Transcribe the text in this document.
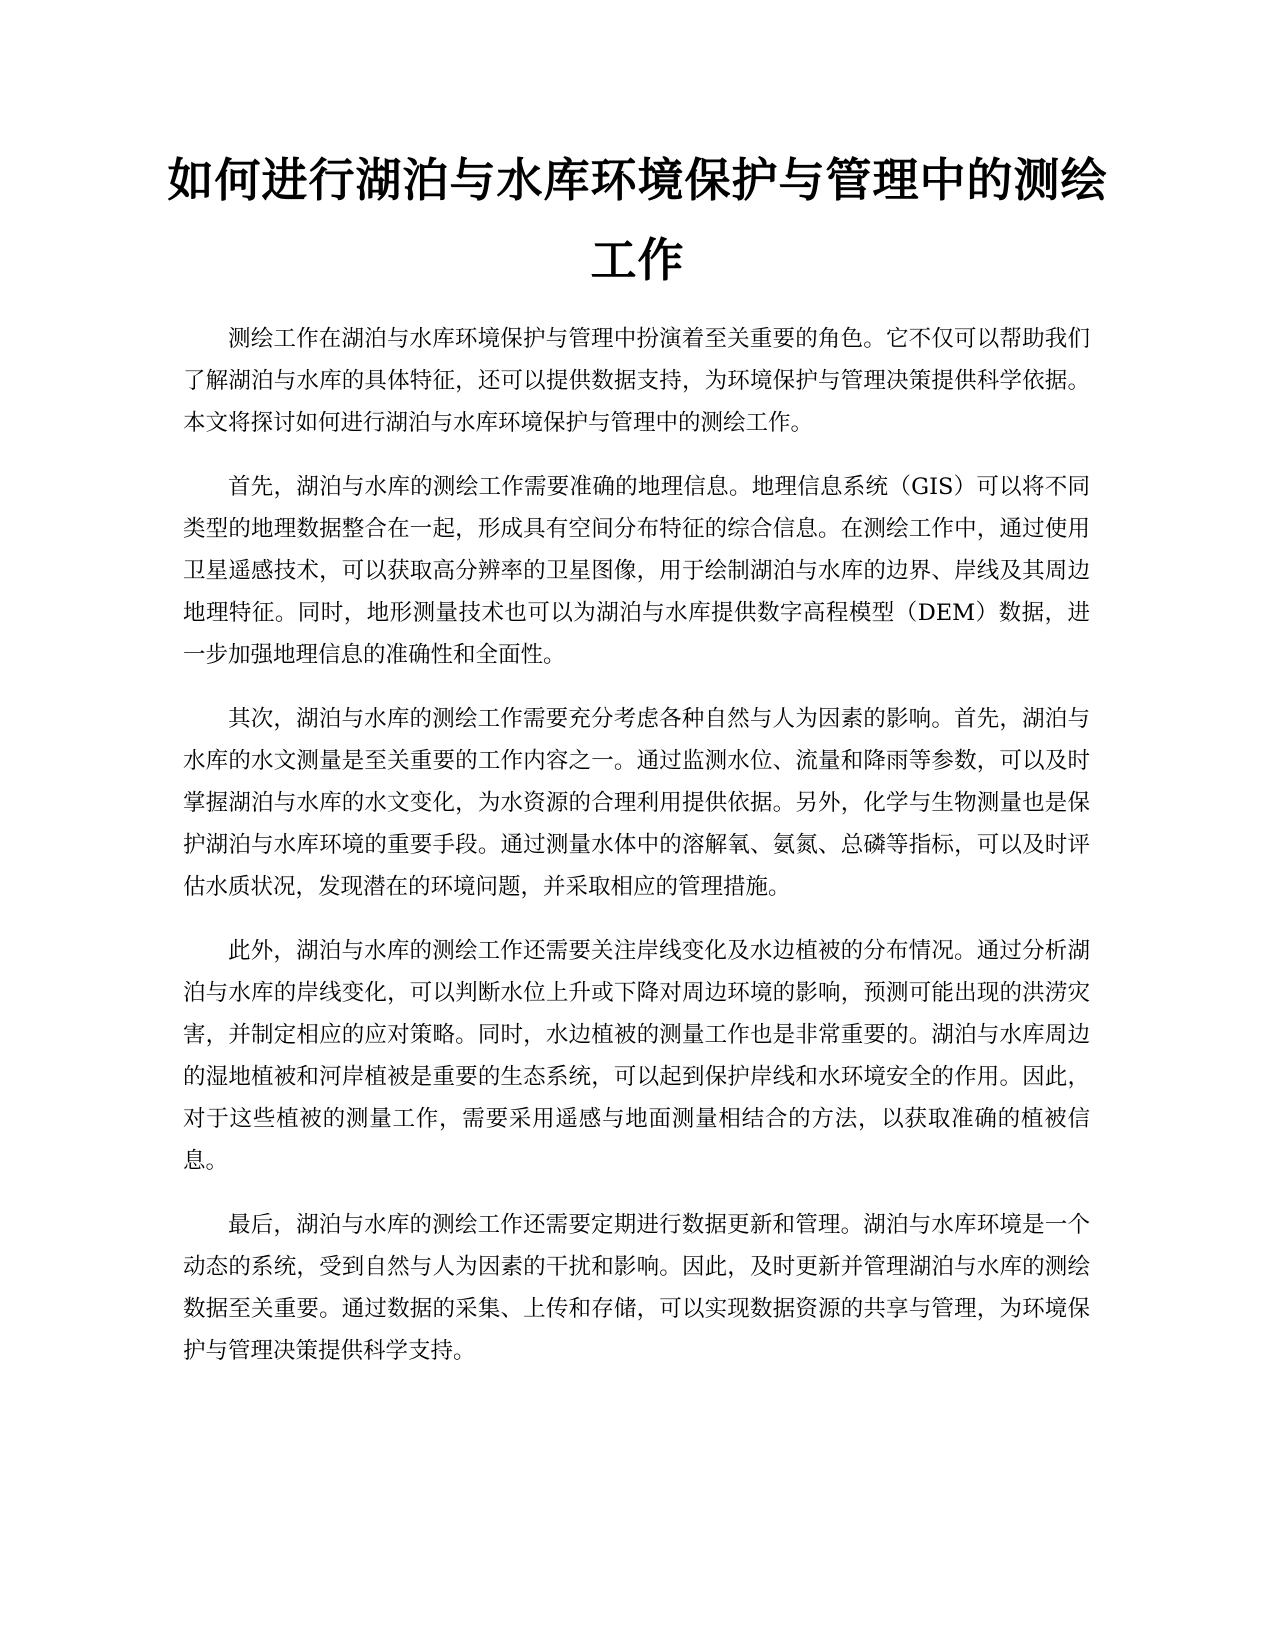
如何进行湖泊与水库环境保护与管理中的测绘工作

测绘工作在湖泊与水库环境保护与管理中扮演着至关重要的角色。它不仅可以帮助我们了解湖泊与水库的具体特征，还可以提供数据支持，为环境保护与管理决策提供科学依据。本文将探讨如何进行湖泊与水库环境保护与管理中的测绘工作。

首先，湖泊与水库的测绘工作需要准确的地理信息。地理信息系统（GIS）可以将不同类型的地理数据整合在一起，形成具有空间分布特征的综合信息。在测绘工作中，通过使用卫星遥感技术，可以获取高分辨率的卫星图像，用于绘制湖泊与水库的边界、岸线及其周边地理特征。同时，地形测量技术也可以为湖泊与水库提供数字高程模型（DEM）数据，进一步加强地理信息的准确性和全面性。

其次，湖泊与水库的测绘工作需要充分考虑各种自然与人为因素的影响。首先，湖泊与水库的水文测量是至关重要的工作内容之一。通过监测水位、流量和降雨等参数，可以及时掌握湖泊与水库的水文变化，为水资源的合理利用提供依据。另外，化学与生物测量也是保护湖泊与水库环境的重要手段。通过测量水体中的溶解氧、氨氮、总磷等指标，可以及时评估水质状况，发现潜在的环境问题，并采取相应的管理措施。

此外，湖泊与水库的测绘工作还需要关注岸线变化及水边植被的分布情况。通过分析湖泊与水库的岸线变化，可以判断水位上升或下降对周边环境的影响，预测可能出现的洪涝灾害，并制定相应的应对策略。同时，水边植被的测量工作也是非常重要的。湖泊与水库周边的湿地植被和河岸植被是重要的生态系统，可以起到保护岸线和水环境安全的作用。因此，对于这些植被的测量工作，需要采用遥感与地面测量相结合的方法，以获取准确的植被信息。

最后，湖泊与水库的测绘工作还需要定期进行数据更新和管理。湖泊与水库环境是一个动态的系统，受到自然与人为因素的干扰和影响。因此，及时更新并管理湖泊与水库的测绘数据至关重要。通过数据的采集、上传和存储，可以实现数据资源的共享与管理，为环境保护与管理决策提供科学支持。
